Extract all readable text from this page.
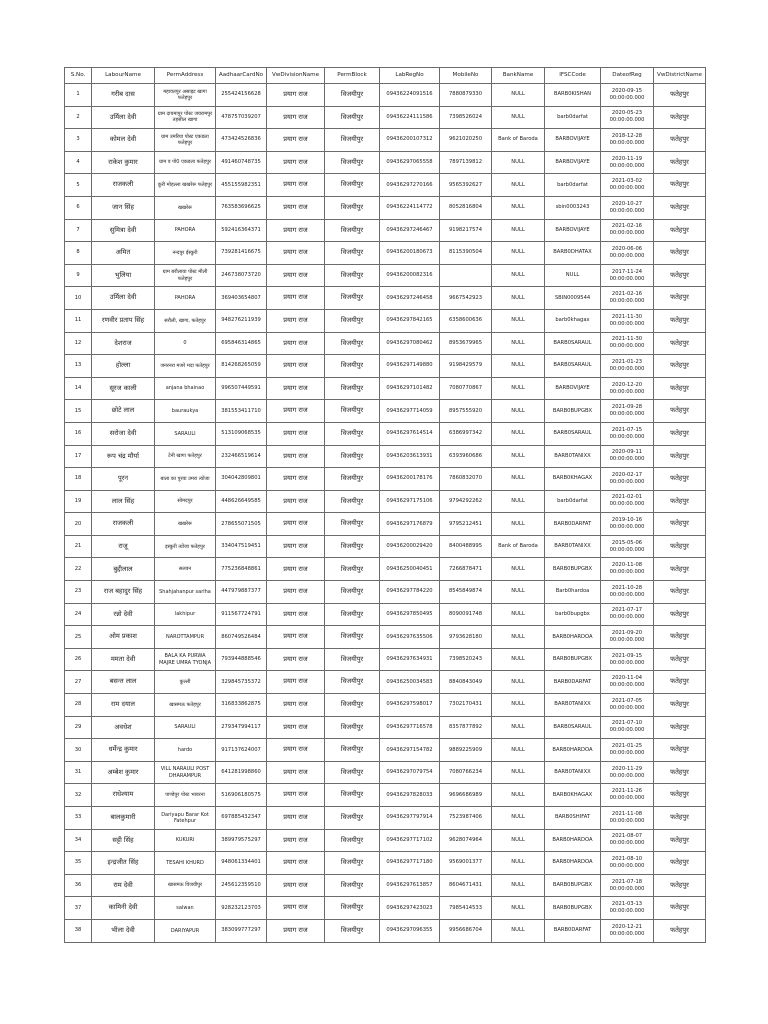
S.No.	LabourName	PermAddress	AadhaarCardNo	VwDivisionName	PermBlock	LabRegNo	MobileNo	BankName	IFSCCode	DateofReg	VwDistrictName
1	गरीब दास	महावतपुर असाइट खागा फतेहपुर	255424156628	प्रयाग राज	विजयीपुर	09436224091516	7880879330	NULL	BARB0KISHAN	2020-09-15 00:00:00.000	फतेहपुर
2	उर्मिला देवी	ग्राम दायमापुर पोस्ट जयरामपुर तहसील खागा	478757039207	प्रयाग राज	विजयीपुर	09436224111586	7398526024	NULL	barb0darfat	2020-05-23 00:00:00.000	फतेहपुर
3	कोमल देवी	ग्राम उमरिया पोस्ट एकडला फतेहपुर	473424526836	प्रयाग राज	विजयीपुर	09436200107312	9621020250	Bank of Baroda	BARBOVIJAYE	2018-12-28 00:00:00.000	फतेहपुर
4	राकेश कुमार	ग्राम व पो0 एकडला फतेहपुर	491460748735	प्रयाग राज	विजयीपुर	09436297065558	7897139812	NULL	BARBOVIJAYE	2020-11-19 00:00:00.000	फतेहपुर
5	राजकली	कुरी मोहल्ला खखरेरू फतेहपुर	455155982351	प्रयाग राज	विजयीपुर	09436297270166	9565392627	NULL	barb0darfat	2021-03-02 00:00:00.000	फतेहपुर
6	जान सिंह	खखरेरू	763583696625	प्रयाग राज	विजयीपुर	09436224114772	8052816804	NULL	sbin0003243	2020-10-27 00:00:00.000	फतेहपुर
7	सुमित्रा देवी	PAHORA	592416364371	प्रयाग राज	विजयीपुर	09436297246467	9198217574	NULL	BARBOVIJAYE	2021-02-16 00:00:00.000	फतेहपुर
8	अमित	नन्दपुर ईस्कुरी	739281416675	प्रयाग राज	विजयीपुर	09436200180673	8115390504	NULL	BARB0DHATAX	2020-06-06 00:00:00.000	फतेहपुर
9	भुलिया	ग्राम बरौलाया पोस्ट मौली फतेहपुर	246738073720	प्रयाग राज	विजयीपुर	09436200082316		NULL	NULL	2017-11-24 00:00:00.000	फतेहपुर
10	उर्मिला देवी	PAHORA	369403654807	प्रयाग राज	विजयीपुर	09436297246458	9667542923	NULL	SBIN0009544	2021-02-16 00:00:00.000	फतेहपुर
11	रणवीर प्रताप सिंह	सरौली, खागा, फतेहपुर	948276211939	प्रयाग राज	विजयीपुर	09436297842165	6358600636	NULL	barb0khagax	2021-11-30 00:00:00.000	फतेहपुर
12	देशराज	0	695846314865	प्रयाग राज	विजयीपुर	09436297080462	8953679965	NULL	BARB0SARAUL	2021-11-30 00:00:00.000	फतेहपुर
13	होल्ला	जनरनरा मजरे मदा फतेहपुर	814268265059	प्रयाग राज	विजयीपुर	09436297149880	9198429579	NULL	BARB0SARAUL	2021-01-23 00:00:00.000	फतेहपुर
14	सूरज काली	anjana bhainao	996507449591	प्रयाग राज	विजयीपुर	09436297101482	7080770867	NULL	BARBOVIJAYE	2020-12-20 00:00:00.000	फतेहपुर
15	छोटे लाल	bauraukya	381553411710	प्रयाग राज	विजयीपुर	09436297714059	8957555920	NULL	BARB0BUPGBX	2021-09-28 00:00:00.000	फतेहपुर
16	सरोजा देवी	SARAULI	513109068535	प्रयाग राज	विजयीपुर	09436297614514	6386997342	NULL	BARB0SARAUL	2021-07-15 00:00:00.000	फतेहपुर
17	रूप चंद्र मौर्या	टेनी खागा फतेहपुर	232466519614	प्रयाग राज	विजयीपुर	09436203613931	6393960686	NULL	BARB0TANIXX	2020-09-11 00:00:00.000	फतेहपुर
18	पूरन	बाला का पुरवा उमरा त्योंजा	304042809801	प्रयाग राज	विजयीपुर	09436200178176	7860832070	NULL	BARB0KHAGAX	2020-02-17 00:00:00.000	फतेहपुर
19	लाल सिंह	सोमदपुर	448626649585	प्रयाग राज	विजयीपुर	09436297175106	9794292262	NULL	barb0darfat	2021-02-01 00:00:00.000	फतेहपुर
20	राजकली	खखरेरू	278655071505	प्रयाग राज	विजयीपुर	09436297176879	9795212451	NULL	BARB0DARFAT	2019-10-16 00:00:00.000	फतेहपुर
21	राजू	इस्कुरी त्योंजा फतेहपुर	334047519451	प्रयाग राज	विजयीपुर	09436200029420	8400488995	Bank of Baroda	BARB0TANIXX	2015-05-06 00:00:00.000	फतेहपुर
22	बुद्दीलाल	सलवन	775236848861	प्रयाग राज	विजयीपुर	09436250040451	7266878471	NULL	BARB0BUPGBX	2020-11-08 00:00:00.000	फतेहपुर
23	राज बहादुर सिंह	Shahjahanpur sarlha	447979887377	प्रयाग राज	विजयीपुर	09436297784220	8545849874	NULL	Barb0hardoa	2021-10-28 00:00:00.000	फतेहपुर
24	रन्नो देवी	lakhipur	911567724791	प्रयाग राज	विजयीपुर	09436297850495	8090091748	NULL	barb0bupgbx	2021-07-17 00:00:00.000	फतेहपुर
25	ओम प्रकाश	NAROTTAMPUR	860749526484	प्रयाग राज	विजयीपुर	09436297635506	9793628180	NULL	BARB0HARDOA	2021-09-20 00:00:00.000	फतेहपुर
26	ममता देवी	BALA KA PURWA MAJRE UMRA TYONJA	793944888546	प्रयाग राज	विजयीपुर	09436297634931	7398520243	NULL	BARB0BUPGBX	2021-09-15 00:00:00.000	फतेहपुर
27	बसन्त लाल	कुल्ली	329845735372	प्रयाग राज	विजयीपुर	09436250034583	8840843049	NULL	BARB0DARFAT	2020-11-04 00:00:00.000	फतेहपुर
28	राम दयाल	खासमऊ फतेहपुर	316833862875	प्रयाग राज	विजयीपुर	09436297598017	7302170431	NULL	BARB0TANIXX	2021-07-05 00:00:00.000	फतेहपुर
29	अवधेश	SARAULI	279347994117	प्रयाग राज	विजयीपुर	09436297716578	8357877892	NULL	BARB0SARAUL	2021-07-10 00:00:00.000	फतेहपुर
30	धर्मेन्द्र कुमार	hardo	917137624007	प्रयाग राज	विजयीपुर	09436297154782	9889225909	NULL	BARB0HARDOA	2021-01-25 00:00:00.000	फतेहपुर
31	अम्बेश कुमार	VILL NARAULI POST DHARAMPUR	641281998860	प्रयाग राज	विजयीपुर	09436297079754	7080766234	NULL	BARB0TANIXX	2020-11-29 00:00:00.000	फतेहपुर
32	राधेश्याम	पाण्डेपुर पोस्ट भावरना	516906180575	प्रयाग राज	विजयीपुर	09436297828033	9696686989	NULL	BARB0KHAGAX	2021-11-26 00:00:00.000	फतेहपुर
33	बालकुमारी	Dariyapu Barar Kot Fatehpur	697885432347	प्रयाग राज	विजयीपुर	09436297797914	7523987406	NULL	BARB0SHIFAT	2021-11-08 00:00:00.000	फतेहपुर
34	सट्टी सिंह	KUKURI	389979575297	प्रयाग राज	विजयीपुर	09436297717102	9628074964	NULL	BARB0HARDOA	2021-08-07 00:00:00.000	फतेहपुर
35	इन्द्रजीत सिंह	TESAHI KHURD	948061334401	प्रयाग राज	विजयीपुर	09436297717180	9569001377	NULL	BARB0HARDOA	2021-08-10 00:00:00.000	फतेहपुर
36	राम देवी	खासमऊ विजयीपुर	245612359510	प्रयाग राज	विजयीपुर	09436297613857	8604671431	NULL	BARB0BUPGBX	2021-07-18 00:00:00.000	फतेहपुर
37	कामिनी देवी	salwan	928232123703	प्रयाग राज	विजयीपुर	09436297423023	7985414533	NULL	BARB0BUPGBX	2021-03-13 00:00:00.000	फतेहपुर
38	भीला देवी	DARIYAPUR	383099777297	प्रयाग राज	विजयीपुर	09436297096355	9956686704	NULL	BARB0DARFAT	2020-12-21 00:00:00.000	फतेहपुर
